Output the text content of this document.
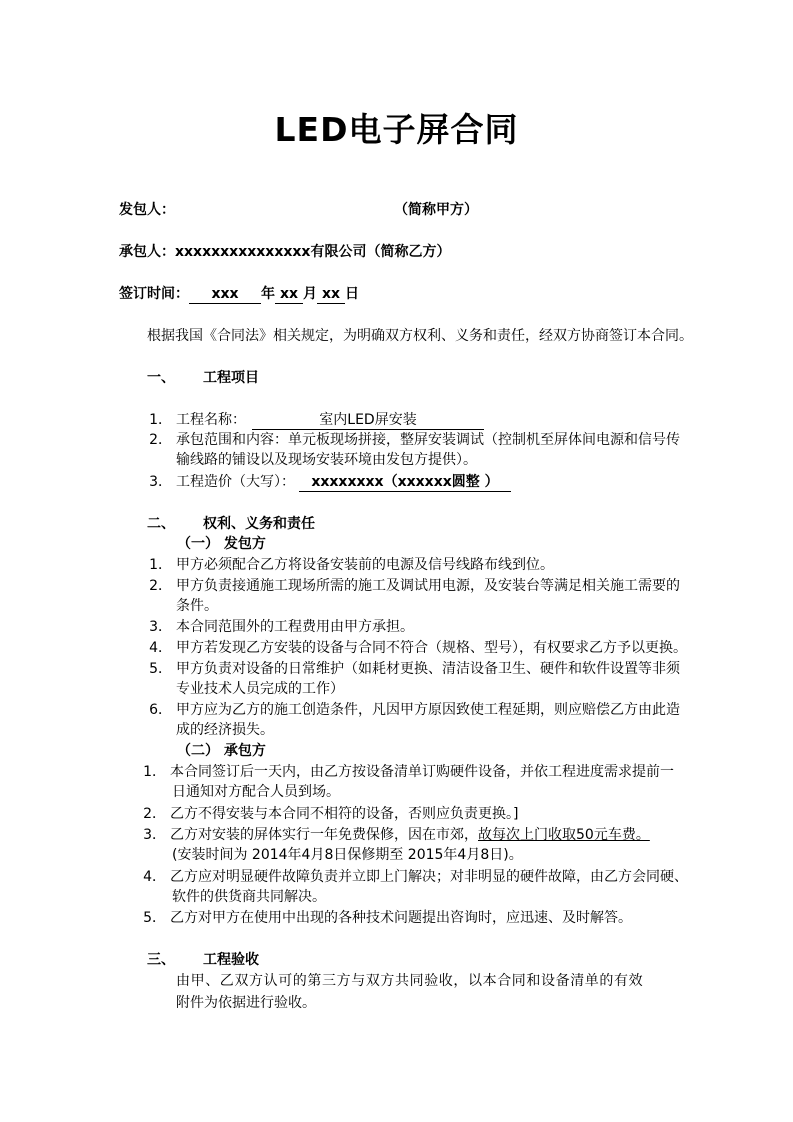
LED电子屏合同
发包人：	（简称甲方）
承包人：xxxxxxxxxxxxxxx有限公司（简称乙方）
签订时间： xxx 年 xx 月 xx 日
根据我国《合同法》相关规定，为明确双方权利、义务和责任，经双方协商签订本合同。
一、 工程项目
1． 工程名称：	室内LED屏安装
2． 承包范围和内容：单元板现场拼接，整屏安装调试（控制机至屏体间电源和信号传
输线路的铺设以及现场安装环境由发包方提供）。
3． 工程造价（大写）： xxxxxxxx（xxxxxx圆整 ）
二、 权利、义务和责任
（一） 发包方
1． 甲方必须配合乙方将设备安装前的电源及信号线路布线到位。
2． 甲方负责接通施工现场所需的施工及调试用电源，及安装台等满足相关施工需要的
条件。
3． 本合同范围外的工程费用由甲方承担。
4． 甲方若发现乙方安装的设备与合同不符合（规格、型号），有权要求乙方予以更换。
5． 甲方负责对设备的日常维护（如耗材更换、清洁设备卫生、硬件和软件设置等非须
专业技术人员完成的工作）
6． 甲方应为乙方的施工创造条件，凡因甲方原因致使工程延期，则应赔偿乙方由此造
成的经济损失。
（二） 承包方
1． 本合同签订后一天内，由乙方按设备清单订购硬件设备，并依工程进度需求提前一
日通知对方配合人员到场。
2． 乙方不得安装与本合同不相符的设备，否则应负责更换。]
3． 乙方对安装的屏体实行一年免费保修，因在市郊，故每次上门收取50元车费。
(安装时间为 2014年4月8日保修期至 2015年4月8日)。
4． 乙方应对明显硬件故障负责并立即上门解决；对非明显的硬件故障，由乙方会同硬、
软件的供货商共同解决。
5． 乙方对甲方在使用中出现的各种技术问题提出咨询时，应迅速、及时解答。
三、 工程验收
由甲、乙双方认可的第三方与双方共同验收，以本合同和设备清单的有效
附件为依据进行验收。
